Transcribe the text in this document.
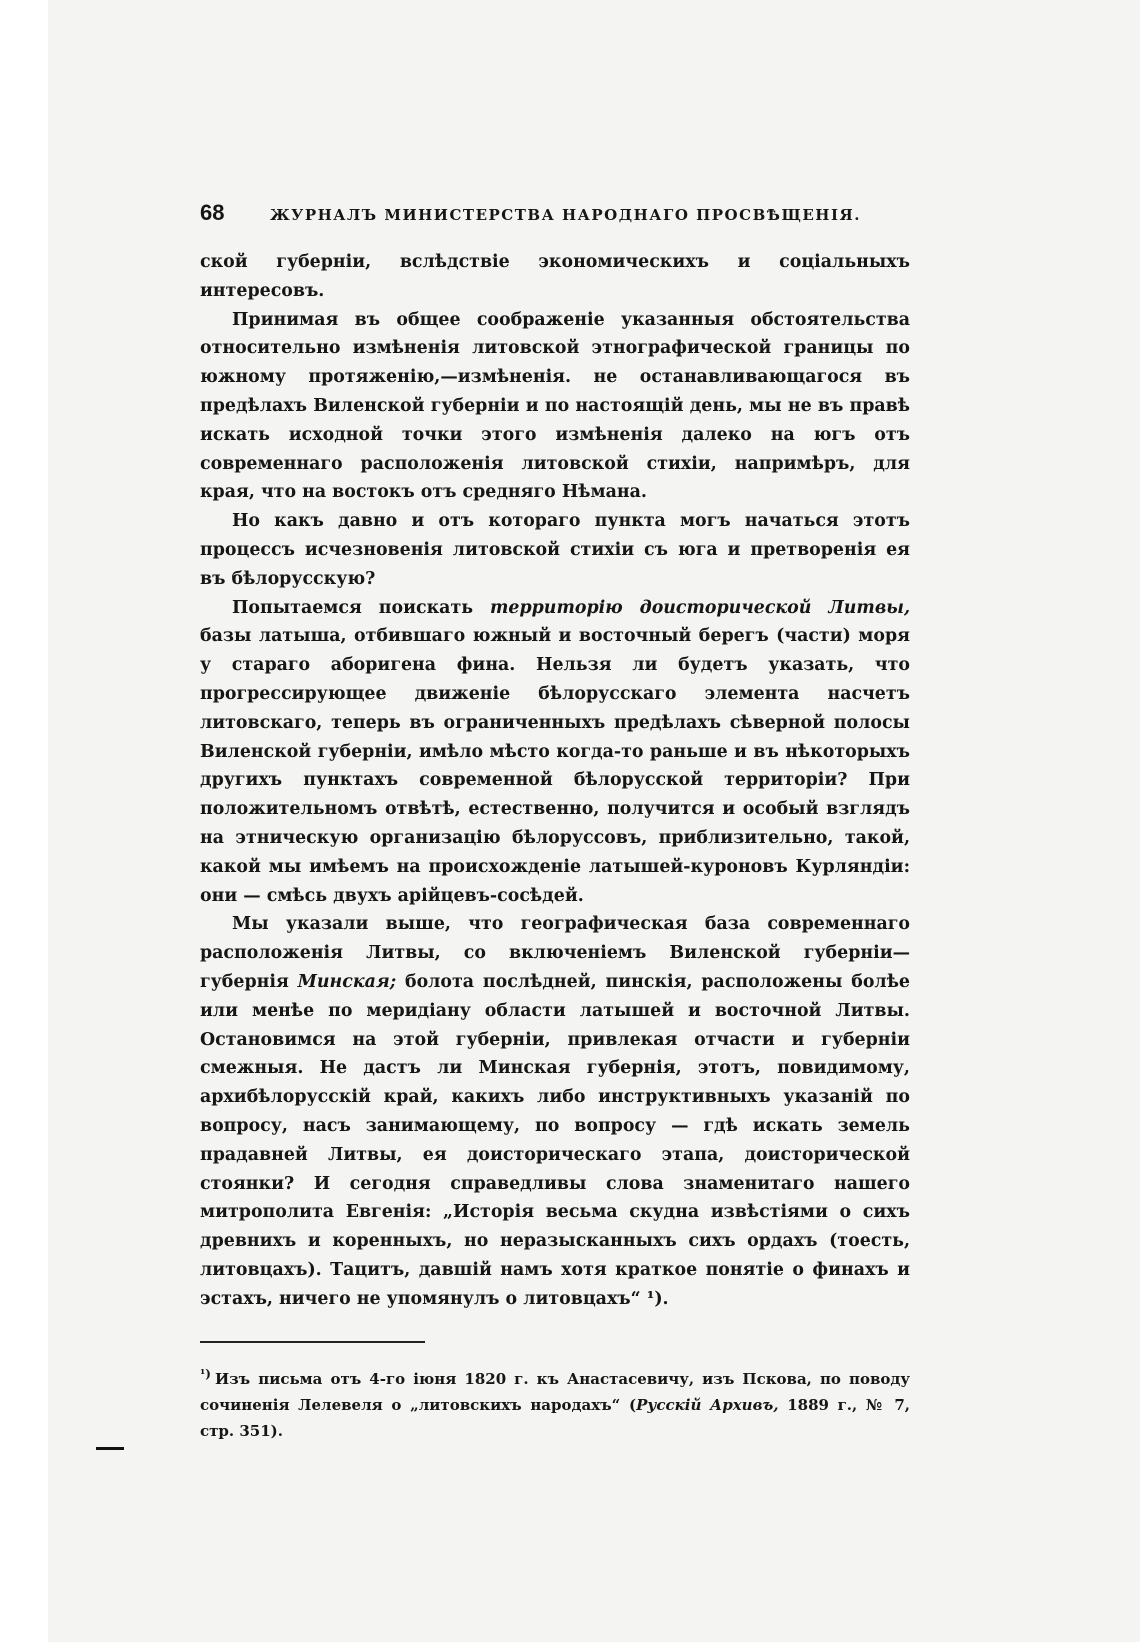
68	ЖУРНАЛЪ МИНИСТЕРСТВА НАРОДНАГО ПРОСВѢЩЕНІЯ.

ской губерніи, вслѣдствіе экономическихъ и соціальныхъ интересовъ.

Принимая въ общее соображеніе указанныя обстоятельства относительно измѣненія литовской этнографической границы по южному протяженію,—измѣненія. не останавливающагося въ предѣлахъ Виленской губерніи и по настоящій день, мы не въ правѣ искать исходной точки этого измѣненія далеко на югъ отъ современнаго расположенія литовской стихіи, напримѣръ, для края, что на востокъ отъ средняго Нѣмана.

Но какъ давно и отъ котораго пункта могъ начаться этотъ процессъ исчезновенія литовской стихіи съ юга и претворенія ея въ бѣлорусскую?

Попытаемся поискать территорію доисторической Литвы, базы латыша, отбившаго южный и восточный берегъ (части) моря у стараго аборигена фина. Нельзя ли будетъ указать, что прогрессирующее движеніе бѣлорусскаго элемента насчетъ литовскаго, теперь въ ограниченныхъ предѣлахъ сѣверной полосы Виленской губерніи, имѣло мѣсто когда-то раньше и въ нѣкоторыхъ другихъ пунктахъ современной бѣлорусской территоріи? При положительномъ отвѣтѣ, естественно, получится и особый взглядъ на этническую организацію бѣлоруссовъ, приблизительно, такой, какой мы имѣемъ на происхожденіе латышей-куроновъ Курляндіи: они — смѣсь двухъ арійцевъ-сосѣдей.

Мы указали выше, что географическая база современнаго расположенія Литвы, со включеніемъ Виленской губерніи—губернія Минская; болота послѣдней, пинскія, расположены болѣе или менѣе по меридіану области латышей и восточной Литвы. Остановимся на этой губерніи, привлекая отчасти и губерніи смежныя. Не дастъ ли Минская губернія, этотъ, повидимому, архибѣлорусскій край, какихъ либо инструктивныхъ указаній по вопросу, насъ занимающему, по вопросу — гдѣ искать земель прадавней Литвы, ея доисторическаго этапа, доисторической стоянки? И сегодня справедливы слова знаменитаго нашего митрополита Евгенія: „Исторія весьма скудна извѣстіями о сихъ древнихъ и коренныхъ, но неразысканныхъ сихъ ордахъ (тоесть, литовцахъ). Тацитъ, давшій намъ хотя краткое понятіе о финахъ и эстахъ, ничего не упомянулъ о литовцахъ“ ¹).

$^{^1)}$ Изъ письма отъ 4-го іюня 1820 г. къ Анастасевичу, изъ Пскова, по поводу сочиненія Лелевеля о „литовскихъ народахъ“ (Русскій Архивъ, 1889 г., № 7, стр. 351).
